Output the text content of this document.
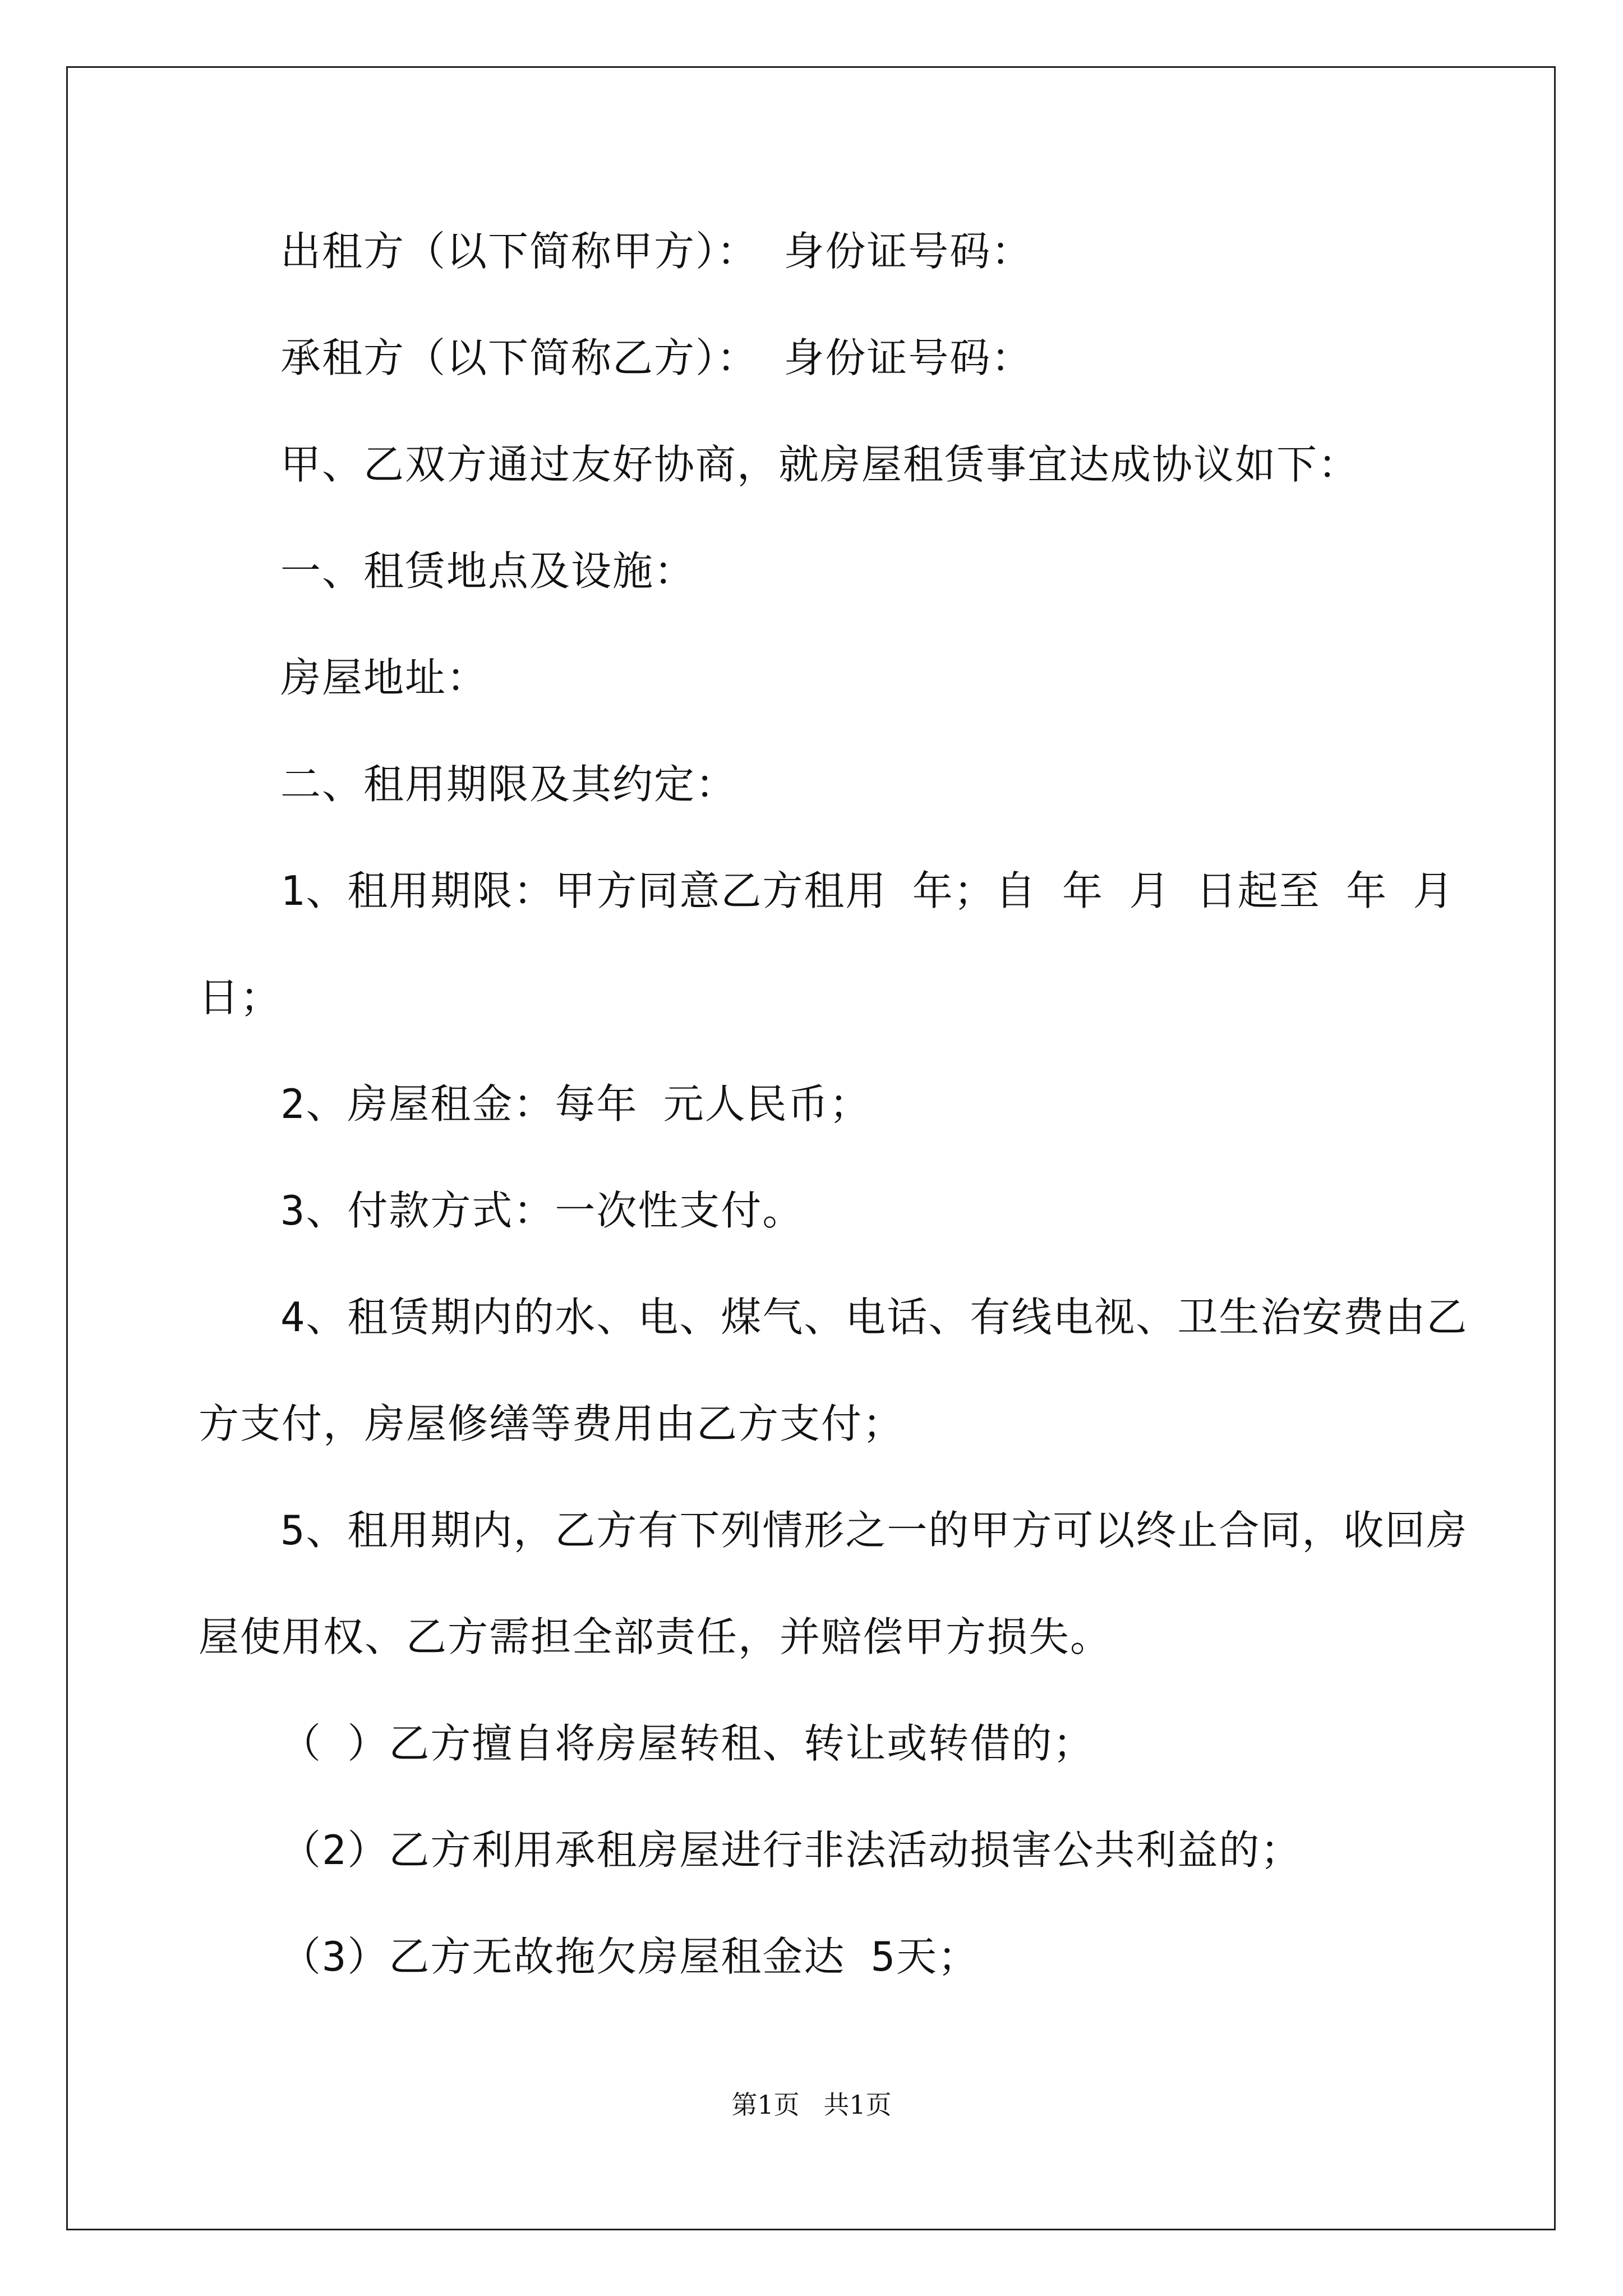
出租方（以下简称甲方）： 身份证号码：
承租方（以下简称乙方）： 身份证号码：
甲、乙双方通过友好协商，就房屋租赁事宜达成协议如下：
一、租赁地点及设施：
房屋地址：
二、租用期限及其约定：
1、租用期限：甲方同意乙方租用 年；自 年 月 日起至 年 月
日；
2、房屋租金：每年 元人民币；
3、付款方式：一次性支付。
4、租赁期内的水、电、煤气、电话、有线电视、卫生治安费由乙
方支付，房屋修缮等费用由乙方支付；
5、租用期内，乙方有下列情形之一的甲方可以终止合同，收回房
屋使用权、乙方需担全部责任，并赔偿甲方损失。
（ ）乙方擅自将房屋转租、转让或转借的；
（2）乙方利用承租房屋进行非法活动损害公共利益的；
（3）乙方无故拖欠房屋租金达 5天；
第1页 共1页
